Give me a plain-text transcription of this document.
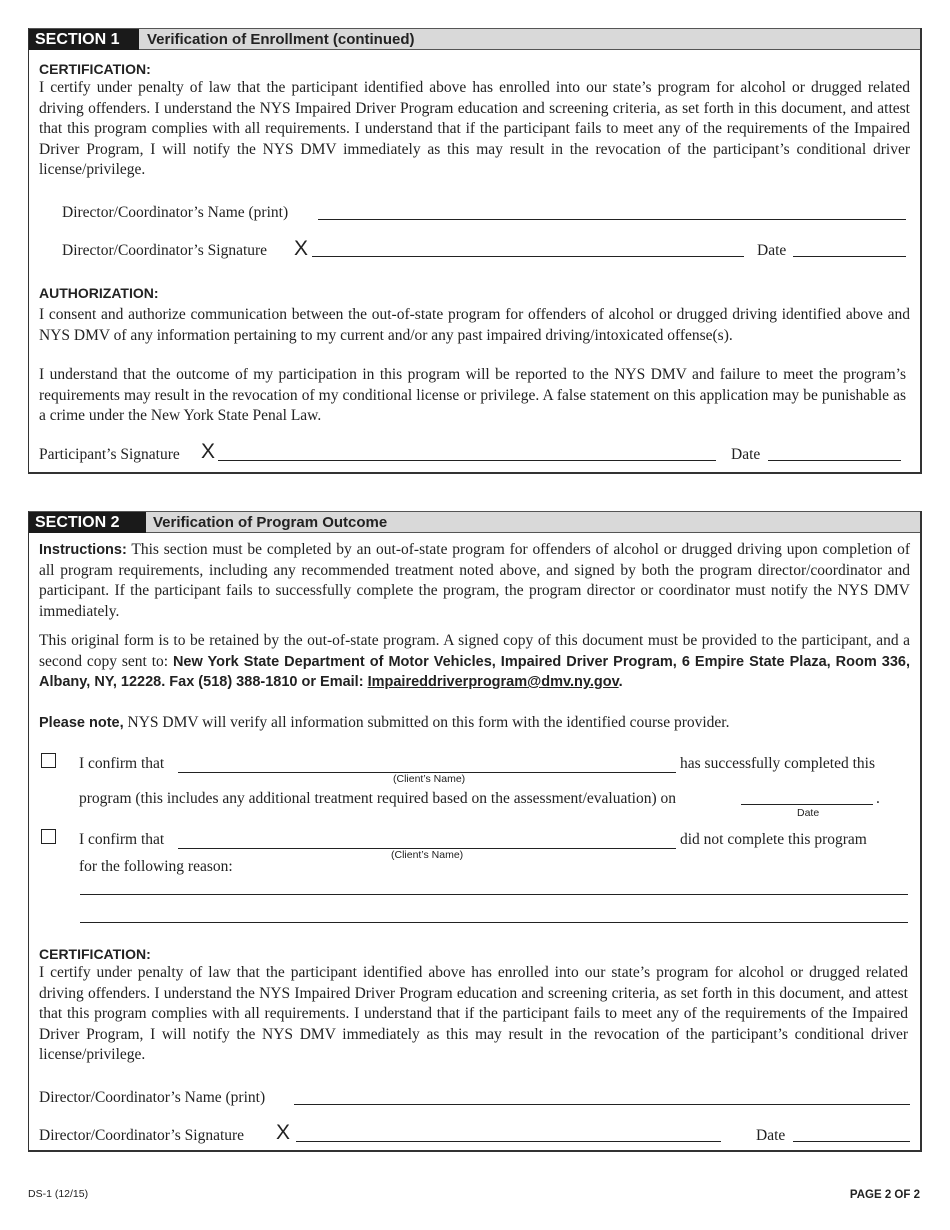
SECTION 1	Verification of Enrollment (continued)
CERTIFICATION:
I certify under penalty of law that the participant identified above has enrolled into our state’s program for alcohol or drugged related driving offenders. I understand the NYS Impaired Driver Program education and screening criteria, as set forth in this document, and attest that this program complies with all requirements. I understand that if the participant fails to meet any of the requirements of the Impaired Driver Program, I will notify the NYS DMV immediately as this may result in the revocation of the participant’s conditional driver license/privilege.
Director/Coordinator’s Name (print)
Director/Coordinator’s Signature X	Date
AUTHORIZATION:
I consent and authorize communication between the out-of-state program for offenders of alcohol or drugged driving identified above and NYS DMV of any information pertaining to my current and/or any past impaired driving/intoxicated offense(s).
I understand that the outcome of my participation in this program will be reported to the NYS DMV and failure to meet the program’s requirements may result in the revocation of my conditional license or privilege. A false statement on this application may be punishable as a crime under the New York State Penal Law.
Participant’s Signature X	Date
SECTION 2	Verification of Program Outcome
Instructions: This section must be completed by an out-of-state program for offenders of alcohol or drugged driving upon completion of all program requirements, including any recommended treatment noted above, and signed by both the program director/coordinator and participant. If the participant fails to successfully complete the program, the program director or coordinator must notify the NYS DMV immediately.
This original form is to be retained by the out-of-state program. A signed copy of this document must be provided to the participant, and a second copy sent to: New York State Department of Motor Vehicles, Impaired Driver Program, 6 Empire State Plaza, Room 336, Albany, NY, 12228. Fax (518) 388-1810 or Email: Impaireddriverprogram@dmv.ny.gov.
Please note, NYS DMV will verify all information submitted on this form with the identified course provider.
I confirm that
(Client’s Name)
has successfully completed this
program (this includes any additional treatment required based on the assessment/evaluation) on	.
Date
I confirm that
(Client’s Name)
did not complete this program
for the following reason:
CERTIFICATION:
I certify under penalty of law that the participant identified above has enrolled into our state’s program for alcohol or drugged related driving offenders. I understand the NYS Impaired Driver Program education and screening criteria, as set forth in this document, and attest that this program complies with all requirements. I understand that if the participant fails to meet any of the requirements of the Impaired Driver Program, I will notify the NYS DMV immediately as this may result in the revocation of the participant’s conditional driver license/privilege.
Director/Coordinator’s Name (print)
Director/Coordinator’s Signature X	Date
DS-1 (12/15)	PAGE 2 OF 2
